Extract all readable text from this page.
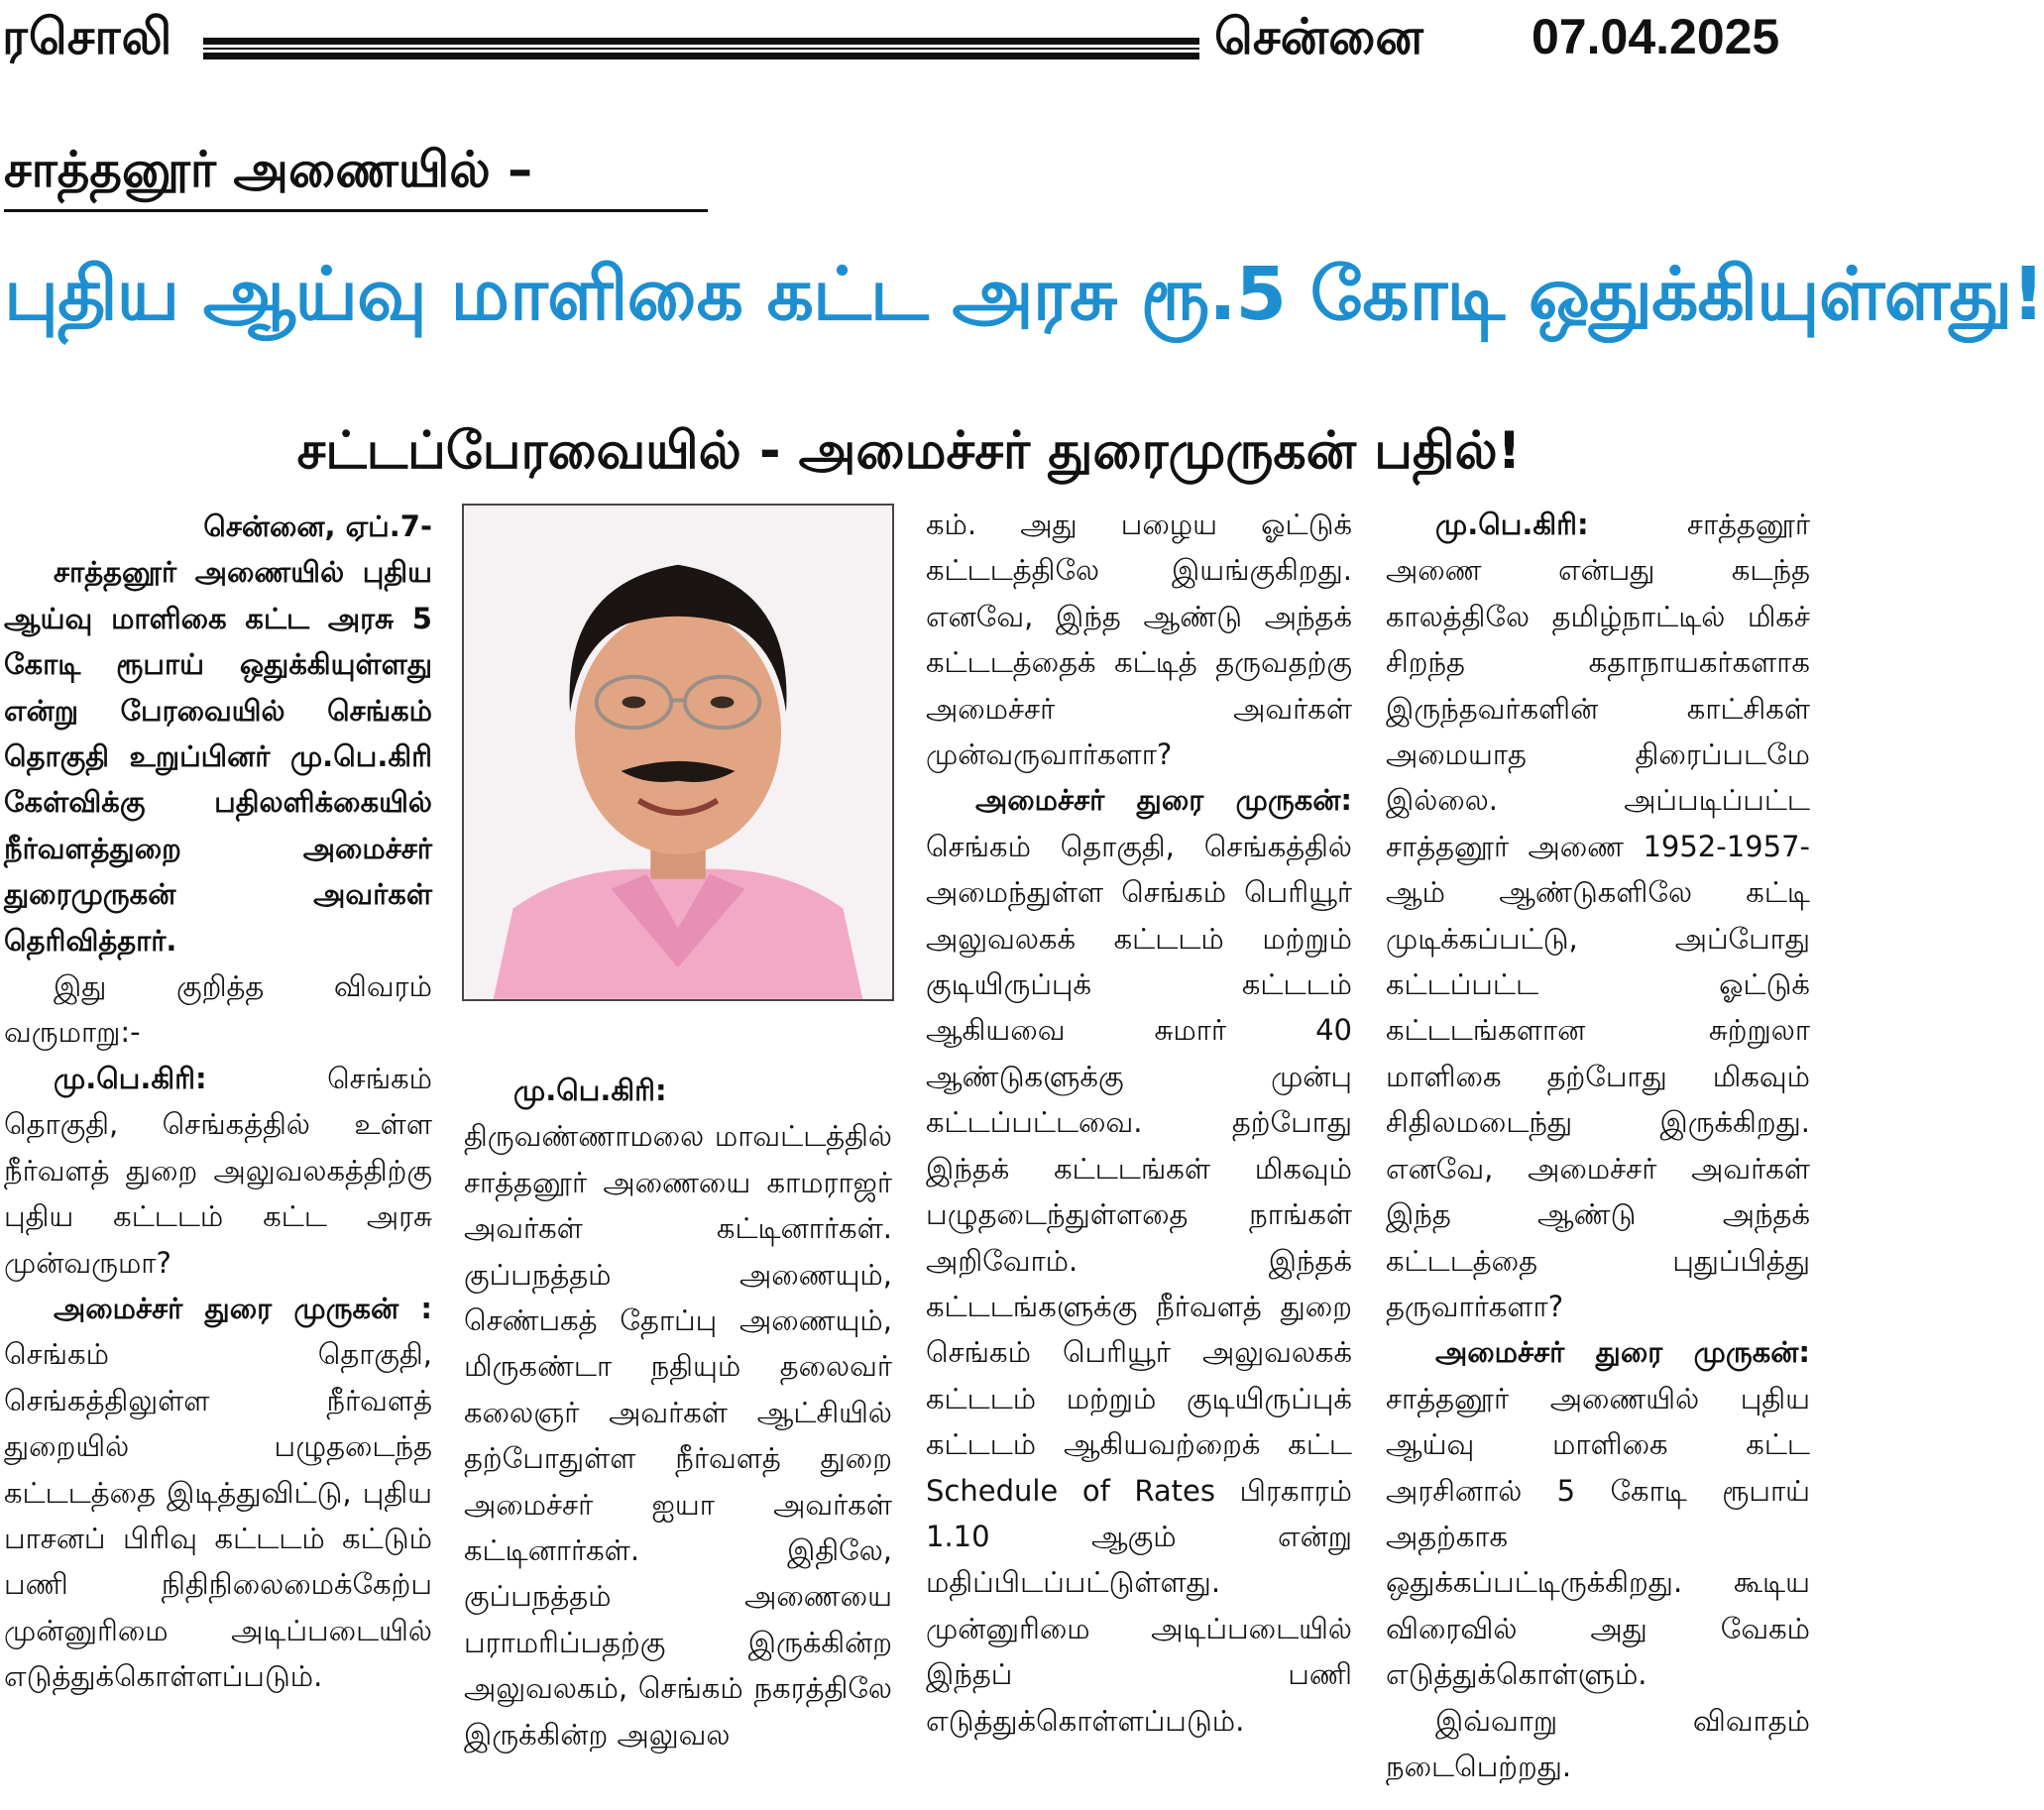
ரசொலி	சென்னை 07.04.2025
சாத்தனூர் அணையில் –
புதிய ஆய்வு மாளிகை கட்ட அரசு ரூ.5 கோடி ஒதுக்கியுள்ளது!
சட்டப்பேரவையில் - அமைச்சர் துரைமுருகன் பதில்!

சென்னை, ஏப்.7-

சாத்தனூர் அணையில் புதிய ஆய்வு மாளிகை கட்ட அரசு 5 கோடி ரூபாய் ஒதுக்கியுள்ளது என்று பேரவையில் செங்கம் தொகுதி உறுப்பினர் மு.பெ.கிரி கேள்விக்கு பதிலளிக்கையில் நீர்வளத்துறை அமைச்சர் துரைமுருகன் அவர்கள் தெரிவித்தார்.

இது குறித்த விவரம் வருமாறு:-

மு.பெ.கிரி:	செங்கம் தொகுதி, செங்கத்தில் உள்ள நீர்வளத் துறை அலுவலகத்திற்கு புதிய கட்டடம் கட்ட அரசு முன்வருமா?

அமைச்சர் துரை முருகன் : செங்கம் தொகுதி, செங்கத்திலுள்ள நீர்வளத் துறையில் பழுதடைந்த கட்டடத்தை இடித்துவிட்டு, புதிய பாசனப் பிரிவு கட்டடம் கட்டும் பணி நிதிநிலைமைக்கேற்ப முன்னுரிமை அடிப்படையில் எடுத்துக்கொள்ளப்படும்.

மு.பெ.கிரி: திருவண்ணாமலை மாவட்டத்தில் சாத்தனூர் அணையை காமராஜர் அவர்கள் கட்டினார்கள். குப்பநத்தம் அணையும், செண்பகத் தோப்பு அணையும், மிருகண்டா நதியும் தலைவர் கலைஞர் அவர்கள் ஆட்சியில் தற்போதுள்ள நீர்வளத் துறை அமைச்சர் ஐயா அவர்கள் கட்டினார்கள். இதிலே, குப்பநத்தம் அணையை பராமரிப்பதற்கு இருக்கின்ற அலுவலகம், செங்கம் நகரத்திலே இருக்கின்ற அலுவல

கம். அது பழைய ஓட்டுக் கட்டடத்திலே இயங்குகிறது. எனவே, இந்த ஆண்டு அந்தக் கட்டடத்தைக் கட்டித் தருவதற்கு அமைச்சர் அவர்கள் முன்வருவார்களா?

அமைச்சர் துரை முருகன்: செங்கம் தொகுதி, செங்கத்தில் அமைந்துள்ள செங்கம் பெரியூர் அலுவலகக் கட்டடம் மற்றும் குடியிருப்புக் கட்டடம் ஆகியவை சுமார் 40 ஆண்டுகளுக்கு முன்பு கட்டப்பட்டவை. தற்போது இந்தக் கட்டடங்கள் மிகவும் பழுதடைந்துள்ளதை நாங்கள் அறிவோம். இந்தக் கட்டடங்களுக்கு நீர்வளத் துறை செங்கம் பெரியூர் அலுவலகக் கட்டடம் மற்றும் குடியிருப்புக் கட்டடம் ஆகியவற்றைக் கட்ட Schedule of Rates பிரகாரம் 1.10 ஆகும் என்று மதிப்பிடப்பட்டுள்ளது. முன்னுரிமை அடிப்படையில் இந்தப் பணி எடுத்துக்கொள்ளப்படும்.

மு.பெ.கிரி:	சாத்தனூர் அணை என்பது கடந்த காலத்திலே தமிழ்நாட்டில் மிகச் சிறந்த கதாநாயகர்களாக இருந்தவர்களின் காட்சிகள் அமையாத திரைப்படமே இல்லை. அப்படிப்பட்ட சாத்தனூர் அணை 1952-1957-ஆம் ஆண்டுகளிலே கட்டி முடிக்கப்பட்டு, அப்போது கட்டப்பட்ட ஓட்டுக் கட்டடங்களான சுற்றுலா மாளிகை தற்போது மிகவும் சிதிலமடைந்து இருக்கிறது. எனவே, அமைச்சர் அவர்கள் இந்த ஆண்டு அந்தக் கட்டடத்தை புதுப்பித்து தருவார்களா?

அமைச்சர் துரை முருகன்: சாத்தனூர் அணையில் புதிய ஆய்வு மாளிகை கட்ட அரசினால் 5 கோடி ரூபாய் அதற்காக ஒதுக்கப்பட்டிருக்கிறது. கூடிய விரைவில் அது வேகம் எடுத்துக்கொள்ளும்.

இவ்வாறு விவாதம் நடைபெற்றது.
